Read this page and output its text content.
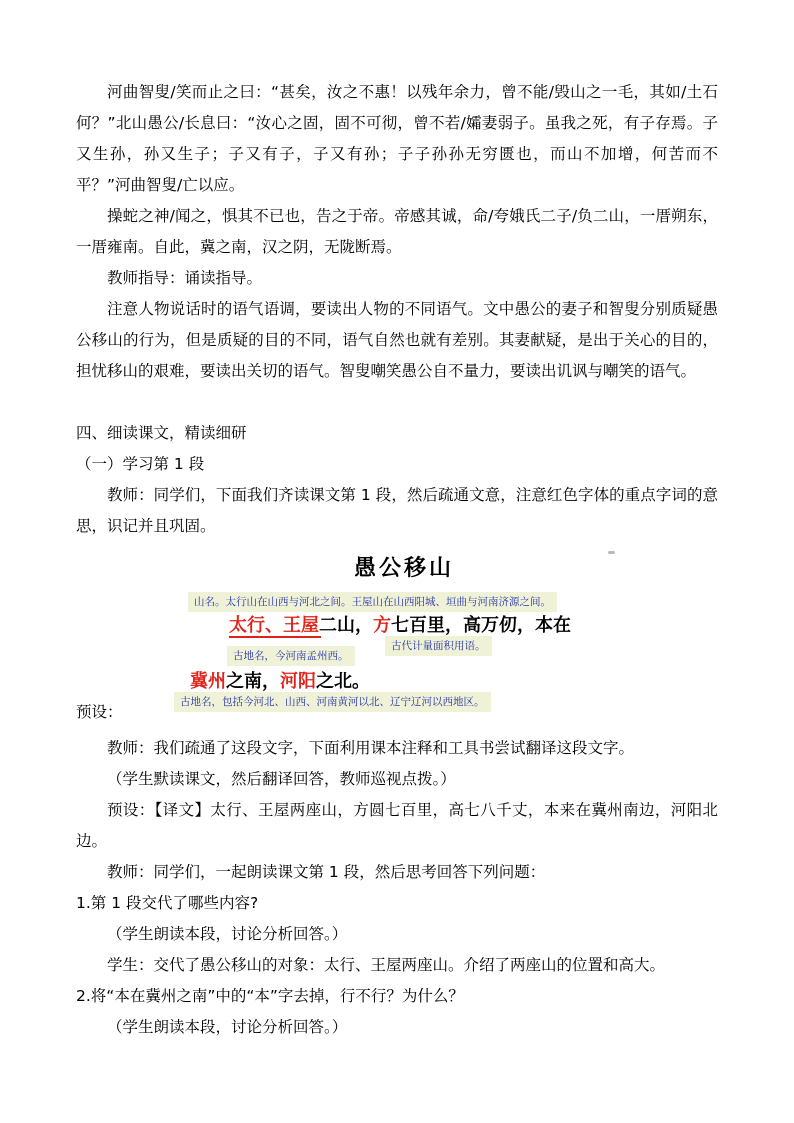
河曲智叟/笑而止之曰：“甚矣，汝之不惠！以残年余力，曾不能/毁山之一毛，其如/土石何？”北山愚公/长息曰：“汝心之固，固不可彻，曾不若/孀妻弱子。虽我之死，有子存焉。子又生孙，孙又生子；子又有子，子又有孙；子子孙孙无穷匮也，而山不加增，何苦而不平？”河曲智叟/亡以应。
操蛇之神/闻之，惧其不已也，告之于帝。帝感其诚，命/夸娥氏二子/负二山，一厝朔东，一厝雍南。自此，冀之南，汉之阴，无陇断焉。
教师指导：诵读指导。
注意人物说话时的语气语调，要读出人物的不同语气。文中愚公的妻子和智叟分别质疑愚公移山的行为，但是质疑的目的不同，语气自然也就有差别。其妻献疑，是出于关心的目的，担忧移山的艰难，要读出关切的语气。智叟嘲笑愚公自不量力，要读出讥讽与嘲笑的语气。
四、细读课文，精读细研
（一）学习第 1 段
教师：同学们，下面我们齐读课文第 1 段，然后疏通文意，注意红色字体的重点字词的意思，识记并且巩固。
愚公移山
山名。太行山在山西与河北之间。王屋山在山西阳城、垣曲与河南济源之间。
太行、王屋二山，方七百里，高万仞，本在
古地名，今河南孟州西。
古代计量面积用语。
冀州之南，河阳之北。
古地名，包括今河北、山西、河南黄河以北、辽宁辽河以西地区。
预设：
教师：我们疏通了这段文字，下面利用课本注释和工具书尝试翻译这段文字。
（学生默读课文，然后翻译回答，教师巡视点拨。）
预设：【译文】太行、王屋两座山，方圆七百里，高七八千丈，本来在冀州南边，河阳北边。
教师：同学们，一起朗读课文第 1 段，然后思考回答下列问题：
1.第 1 段交代了哪些内容?
（学生朗读本段，讨论分析回答。）
学生：交代了愚公移山的对象：太行、王屋两座山。介绍了两座山的位置和高大。
2.将“本在冀州之南”中的“本”字去掉，行不行？为什么？
（学生朗读本段，讨论分析回答。）
